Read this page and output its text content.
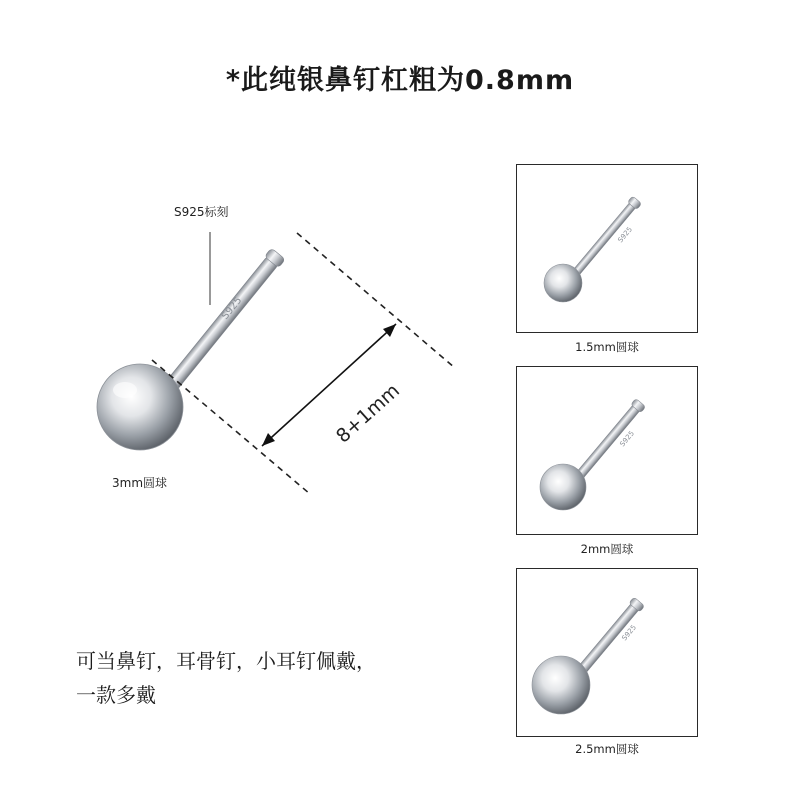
*此纯银鼻钉杠粗为0.8mm
S925
8+1mm
S925标刻
3mm圆球
可当鼻钉，耳骨钉，小耳钉佩戴，
一款多戴
S925
1.5mm圆球
S925
2mm圆球
S925
2.5mm圆球
